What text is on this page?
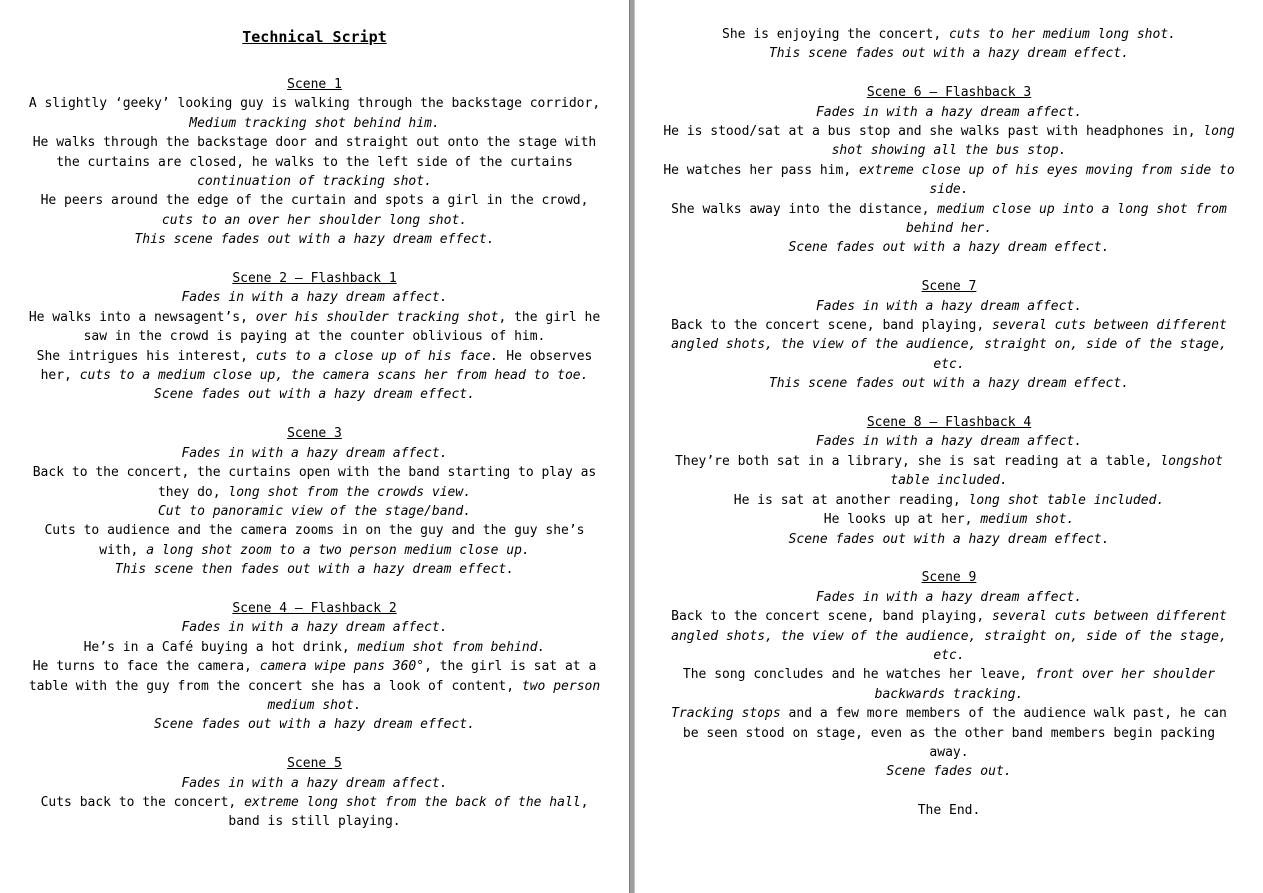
Technical Script
Scene 1
A slightly ‘geeky’ looking guy is walking through the backstage corridor, Medium tracking shot behind him.
He walks through the backstage door and straight out onto the stage with the curtains are closed, he walks to the left side of the curtains continuation of tracking shot.
He peers around the edge of the curtain and spots a girl in the crowd, cuts to an over her shoulder long shot.
This scene fades out with a hazy dream effect.
Scene 2 – Flashback 1
Fades in with a hazy dream affect.
He walks into a newsagent’s, over his shoulder tracking shot, the girl he saw in the crowd is paying at the counter oblivious of him.
She intrigues his interest, cuts to a close up of his face. He observes her, cuts to a medium close up, the camera scans her from head to toe.
Scene fades out with a hazy dream effect.
Scene 3
Fades in with a hazy dream affect.
Back to the concert, the curtains open with the band starting to play as they do, long shot from the crowds view.
Cut to panoramic view of the stage/band.
Cuts to audience and the camera zooms in on the guy and the guy she’s with, a long shot zoom to a two person medium close up.
This scene then fades out with a hazy dream effect.
Scene 4 – Flashback 2
Fades in with a hazy dream affect.
He’s in a Café buying a hot drink, medium shot from behind.
He turns to face the camera, camera wipe pans 360°, the girl is sat at a table with the guy from the concert she has a look of content, two person medium shot.
Scene fades out with a hazy dream effect.
Scene 5
Fades in with a hazy dream affect.
Cuts back to the concert, extreme long shot from the back of the hall, band is still playing.
She is enjoying the concert, cuts to her medium long shot.
This scene fades out with a hazy dream effect.
Scene 6 – Flashback 3
Fades in with a hazy dream affect.
He is stood/sat at a bus stop and she walks past with headphones in, long shot showing all the bus stop.
He watches her pass him, extreme close up of his eyes moving from side to side.
She walks away into the distance, medium close up into a long shot from behind her.
Scene fades out with a hazy dream effect.
Scene 7
Fades in with a hazy dream affect.
Back to the concert scene, band playing, several cuts between different angled shots, the view of the audience, straight on, side of the stage, etc.
This scene fades out with a hazy dream effect.
Scene 8 – Flashback 4
Fades in with a hazy dream affect.
They’re both sat in a library, she is sat reading at a table, longshot table included.
He is sat at another reading, long shot table included.
He looks up at her, medium shot.
Scene fades out with a hazy dream effect.
Scene 9
Fades in with a hazy dream affect.
Back to the concert scene, band playing, several cuts between different angled shots, the view of the audience, straight on, side of the stage, etc.
The song concludes and he watches her leave, front over her shoulder backwards tracking.
Tracking stops and a few more members of the audience walk past, he can be seen stood on stage, even as the other band members begin packing away.
Scene fades out.
The End.
